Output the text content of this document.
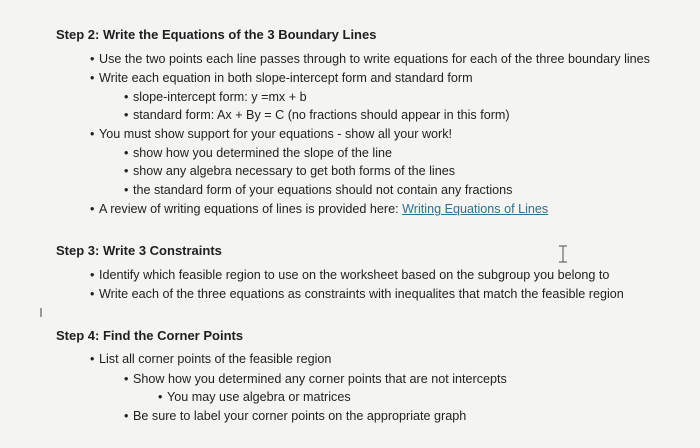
Step 2: Write the Equations of the 3 Boundary Lines
• Use the two points each line passes through to write equations for each of the three boundary lines
• Write each equation in both slope-intercept form and standard form
• slope-intercept form: y =mx + b
• standard form: Ax + By = C (no fractions should appear in this form)
• You must show support for your equations - show all your work!
• show how you determined the slope of the line
• show any algebra necessary to get both forms of the lines
• the standard form of your equations should not contain any fractions
• A review of writing equations of lines is provided here: Writing Equations of Lines
Step 3: Write 3 Constraints
• Identify which feasible region to use on the worksheet based on the subgroup you belong to
• Write each of the three equations as constraints with inequalites that match the feasible region
Step 4: Find the Corner Points
• List all corner points of the feasible region
• Show how you determined any corner points that are not intercepts
• You may use algebra or matrices
• Be sure to label your corner points on the appropriate graph
